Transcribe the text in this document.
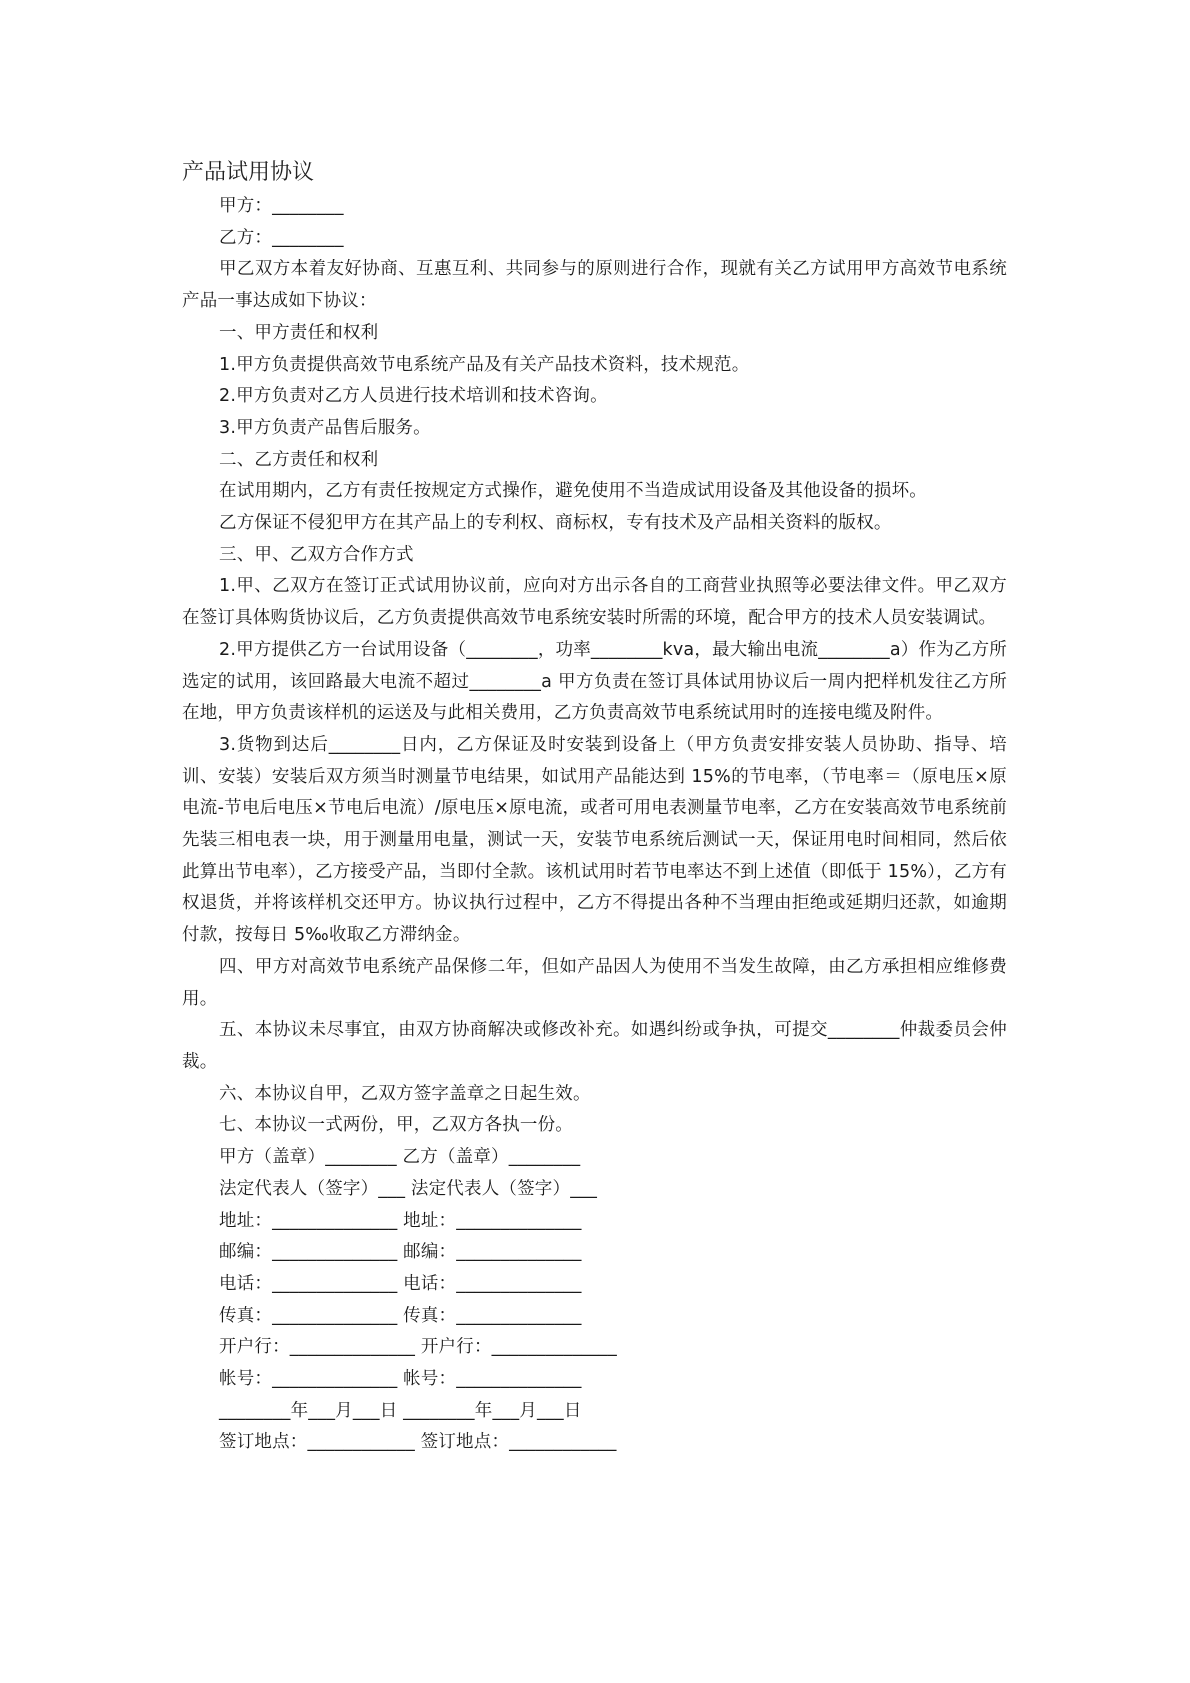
产品试用协议

甲方：________

乙方：________

甲乙双方本着友好协商、互惠互利、共同参与的原则进行合作，现就有关乙方试用甲方高效节电系统产品一事达成如下协议：

一、甲方责任和权利

1.甲方负责提供高效节电系统产品及有关产品技术资料，技术规范。

2.甲方负责对乙方人员进行技术培训和技术咨询。

3.甲方负责产品售后服务。

二、乙方责任和权利

在试用期内，乙方有责任按规定方式操作，避免使用不当造成试用设备及其他设备的损坏。

乙方保证不侵犯甲方在其产品上的专利权、商标权，专有技术及产品相关资料的版权。

三、甲、乙双方合作方式

1.甲、乙双方在签订正式试用协议前，应向对方出示各自的工商营业执照等必要法律文件。甲乙双方在签订具体购货协议后，乙方负责提供高效节电系统安装时所需的环境，配合甲方的技术人员安装调试。

2.甲方提供乙方一台试用设备（________，功率________kva，最大输出电流________a）作为乙方所选定的试用，该回路最大电流不超过________a 甲方负责在签订具体试用协议后一周内把样机发往乙方所在地，甲方负责该样机的运送及与此相关费用，乙方负责高效节电系统试用时的连接电缆及附件。

3.货物到达后________日内，乙方保证及时安装到设备上（甲方负责安排安装人员协助、指导、培训、安装）安装后双方须当时测量节电结果，如试用产品能达到 15%的节电率，（节电率＝（原电压×原电流-节电后电压×节电后电流）/原电压×原电流，或者可用电表测量节电率，乙方在安装高效节电系统前先装三相电表一块，用于测量用电量，测试一天，安装节电系统后测试一天，保证用电时间相同，然后依此算出节电率），乙方接受产品，当即付全款。该机试用时若节电率达不到上述值（即低于 15%），乙方有权退货，并将该样机交还甲方。协议执行过程中，乙方不得提出各种不当理由拒绝或延期归还款，如逾期付款，按每日 5‰收取乙方滞纳金。

四、甲方对高效节电系统产品保修二年，但如产品因人为使用不当发生故障，由乙方承担相应维修费用。

五、本协议未尽事宜，由双方协商解决或修改补充。如遇纠纷或争执，可提交________仲裁委员会仲裁。

六、本协议自甲，乙双方签字盖章之日起生效。

七、本协议一式两份，甲，乙双方各执一份。

甲方（盖章）________ 乙方（盖章）________

法定代表人（签字）___ 法定代表人（签字）___

地址：______________ 地址：______________

邮编：______________ 邮编：______________

电话：______________ 电话：______________

传真：______________ 传真：______________

开户行：______________ 开户行：______________

帐号：______________ 帐号：______________

________年___月___日 ________年___月___日

签订地点：____________ 签订地点：____________
